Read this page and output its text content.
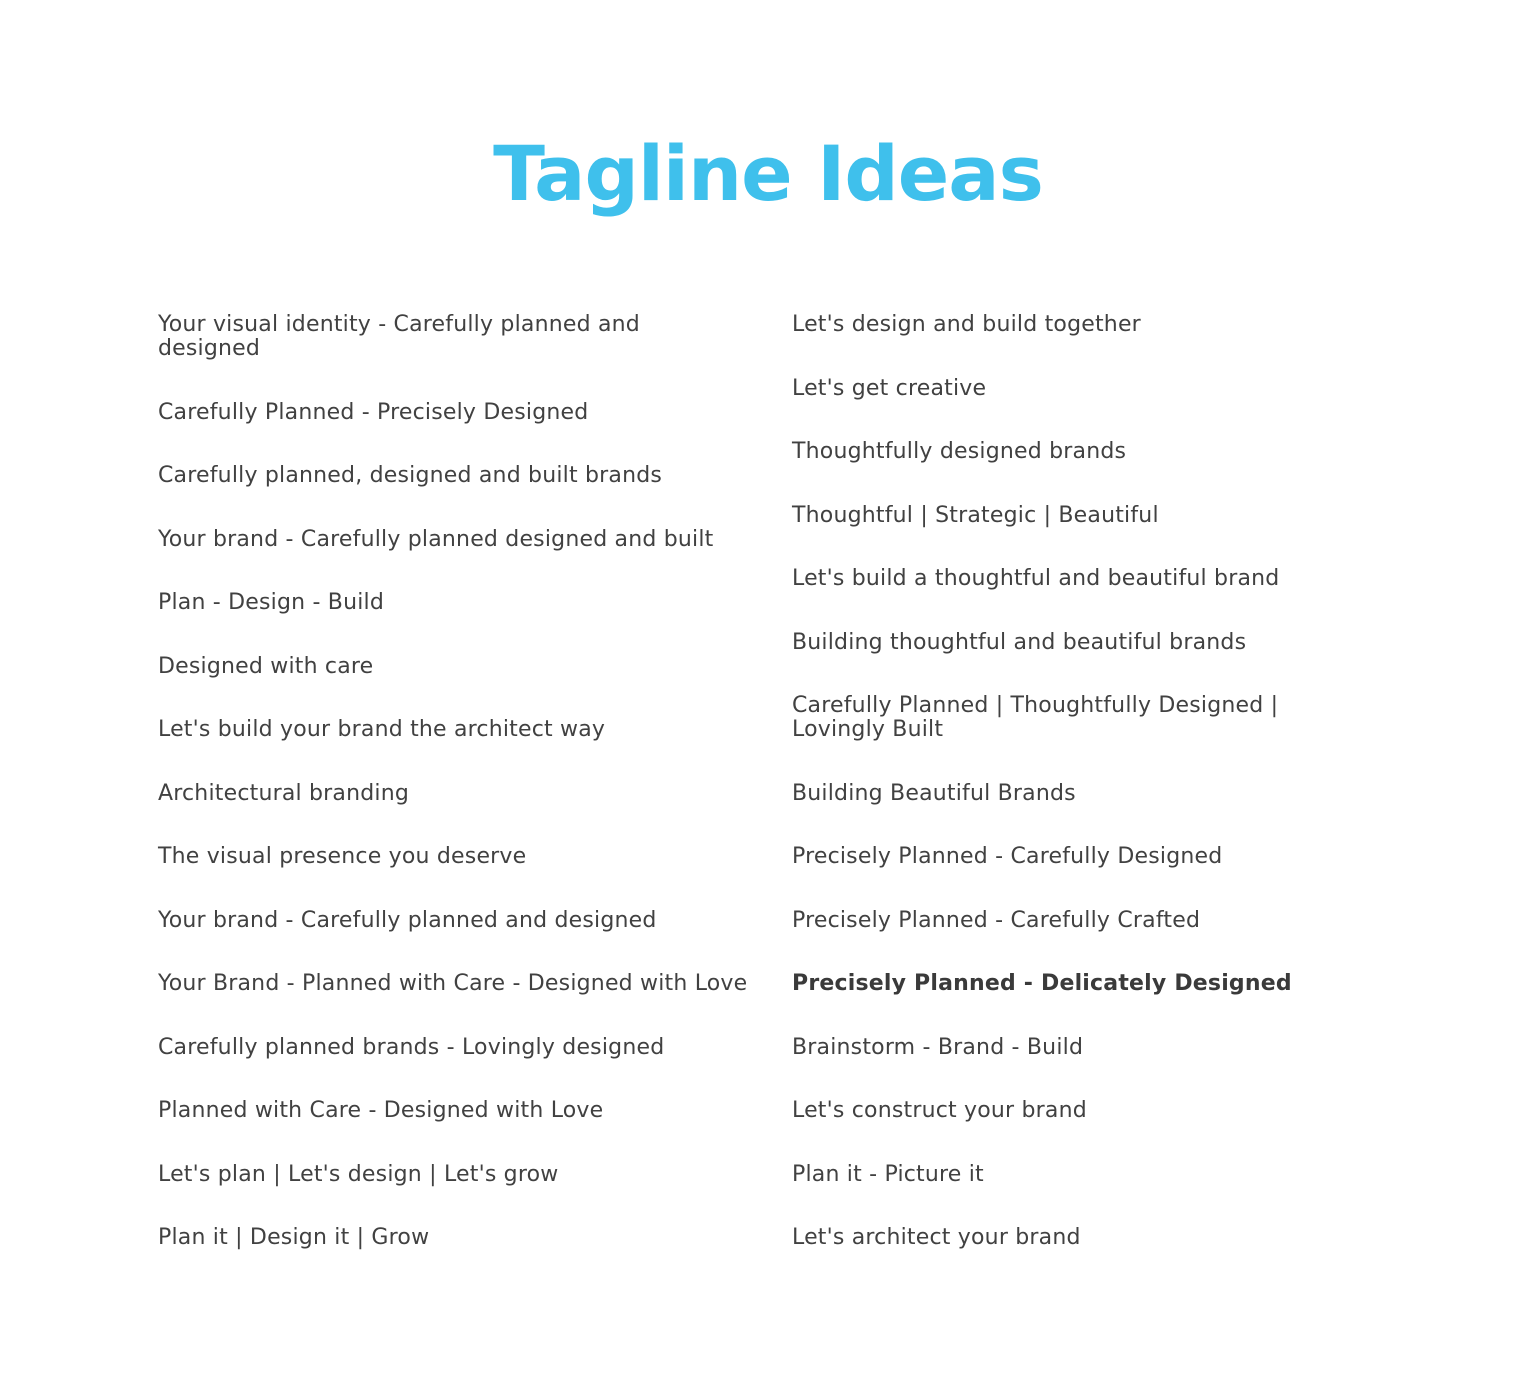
Tagline Ideas
Your visual identity - Carefully planned and designed
Carefully Planned - Precisely Designed
Carefully planned, designed and built brands
Your brand - Carefully planned designed and built
Plan - Design - Build
Designed with care
Let's build your brand the architect way
Architectural branding
The visual presence you deserve
Your brand - Carefully planned and designed
Your Brand - Planned with Care - Designed with Love
Carefully planned brands - Lovingly designed
Planned with Care - Designed with Love
Let's plan | Let's design | Let's grow
Plan it | Design it | Grow
Let's design and build together
Let's get creative
Thoughtfully designed brands
Thoughtful | Strategic | Beautiful
Let's build a thoughtful and beautiful brand
Building thoughtful and beautiful brands
Carefully Planned | Thoughtfully Designed | Lovingly Built
Building Beautiful Brands
Precisely Planned - Carefully Designed
Precisely Planned - Carefully Crafted
Precisely Planned - Delicately Designed
Brainstorm - Brand - Build
Let's construct your brand
Plan it - Picture it
Let's architect your brand
